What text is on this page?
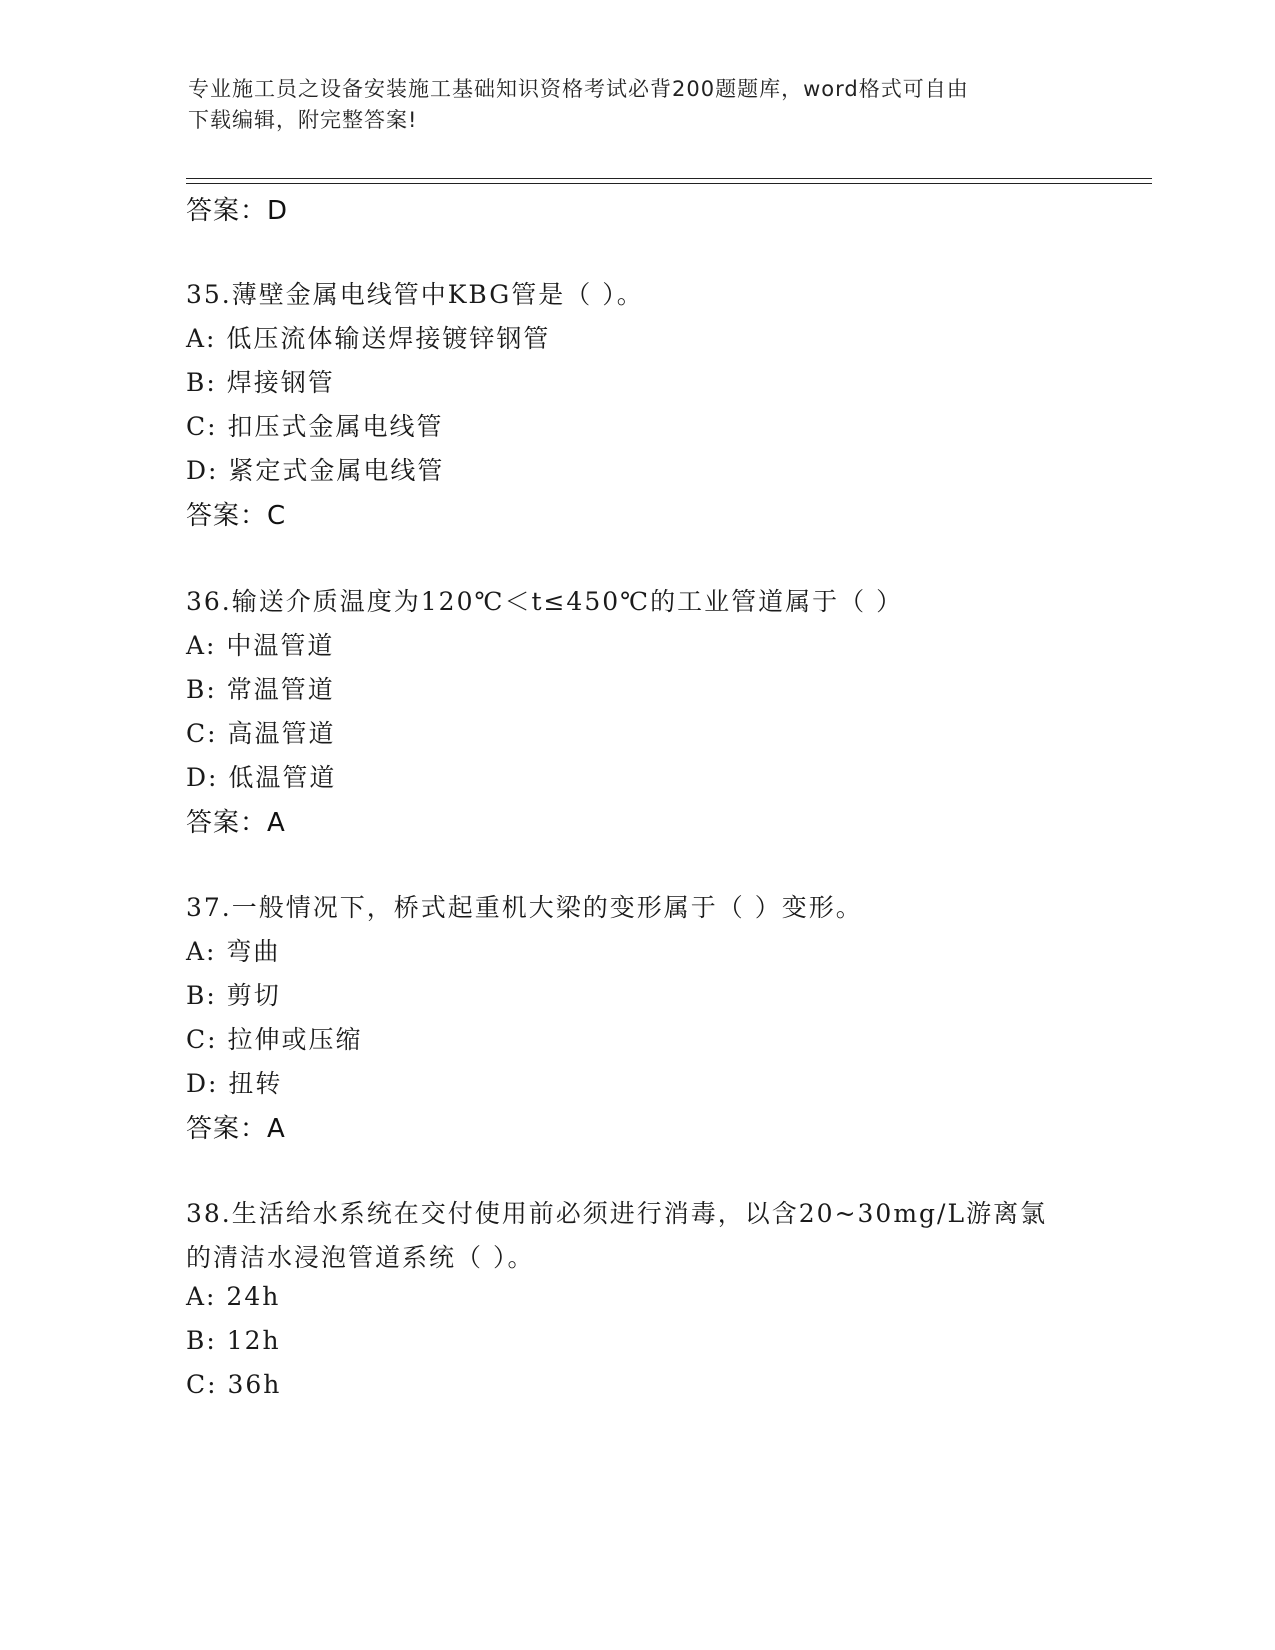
专业施工员之设备安装施工基础知识资格考试必背200题题库，word格式可自由
下载编辑，附完整答案!
答案：D
35.薄壁金属电线管中KBG管是（ ）。
A: 低压流体输送焊接镀锌钢管
B: 焊接钢管
C: 扣压式金属电线管
D: 紧定式金属电线管
答案：C
36.输送介质温度为120℃＜t≤450℃的工业管道属于（ ）
A: 中温管道
B: 常温管道
C: 高温管道
D: 低温管道
答案：A
37.一般情况下，桥式起重机大梁的变形属于（ ）变形。
A: 弯曲
B: 剪切
C: 拉伸或压缩
D: 扭转
答案：A
38.生活给水系统在交付使用前必须进行消毒，以含20~30mg/L游离氯
的清洁水浸泡管道系统（ ）。
A: 24h
B: 12h
C: 36h
